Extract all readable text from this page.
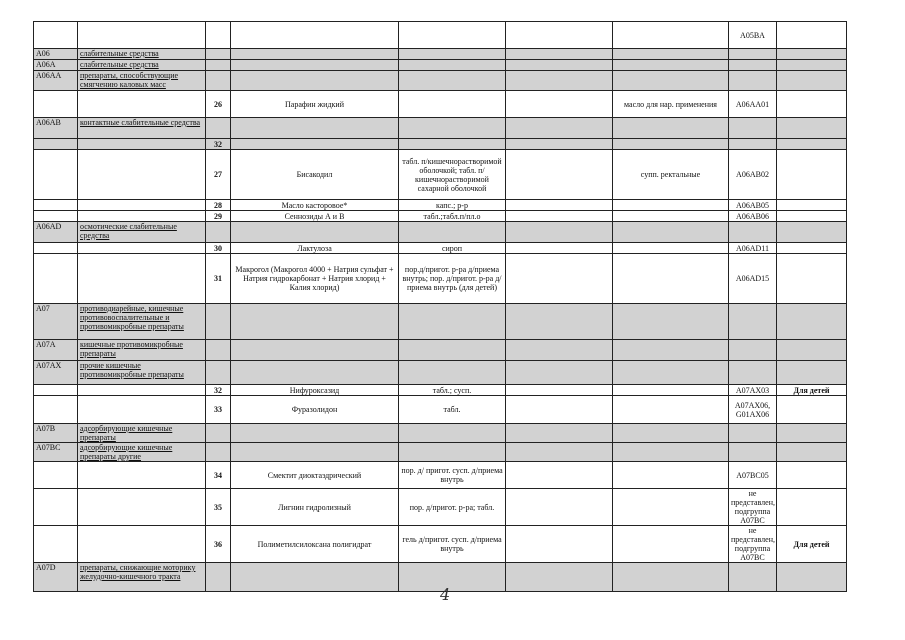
							A05BA	
A06	слабительные средства							
A06A	слабительные средства							
A06AA	препараты, способствующие смягчению каловых масс							
		26	Парафин жидкий			масло для нар. применения	A06AA01	
A06AB	контактные слабительные средства							
		32						
		27	Бисакодил	табл. п/кишечнорастворимой оболочкой; табл. п/кишечнорастворимой сахарной оболочкой		супп. ректальные	A06AB02	
		28	Масло касторовое*	капс.; р-р			A06AB05	
		29	Сеннозиды А и В	табл.;табл.п/пл.о			A06AB06	
A06AD	осмотические слабительные средства							
		30	Лактулоза	сироп			A06AD11	
		31	Макрогол (Макрогол 4000 + Натрия сульфат + Натрия гидрокарбонат + Натрия хлорид + Калия хлорид)	пор.д/пригот. р-ра д/приема внутрь; пор. д/пригот. р-ра д/приема внутрь (для детей)			A06AD15	
A07	противодиарейные, кишечные противовоспалительные и противомикробные препараты							
A07A	кишечные противомикробные препараты							
A07AX	прочие кишечные противомикробные препараты							
		32	Нифуроксазид	табл.; сусп.			A07AX03	Для детей
		33	Фуразолидон	табл.			A07AX06, G01AX06	
A07B	адсорбирующие кишечные препараты							
A07BC	адсорбирующие кишечные препараты другие							
		34	Смектит диоктаэдрический	пор. д/ пригот. сусп. д/приема внутрь			A07BC05	
		35	Лигнин гидролизный	пор. д/пригот. р-ра; табл.			не представлен, подгруппа A07BC	
		36	Полиметилсилоксана полигидрат	гель д/пригот. сусп. д/приема внутрь			не представлен, подгруппа A07BC	Для детей
A07D	препараты, снижающие моторику желудочно-кишечного тракта							
4
